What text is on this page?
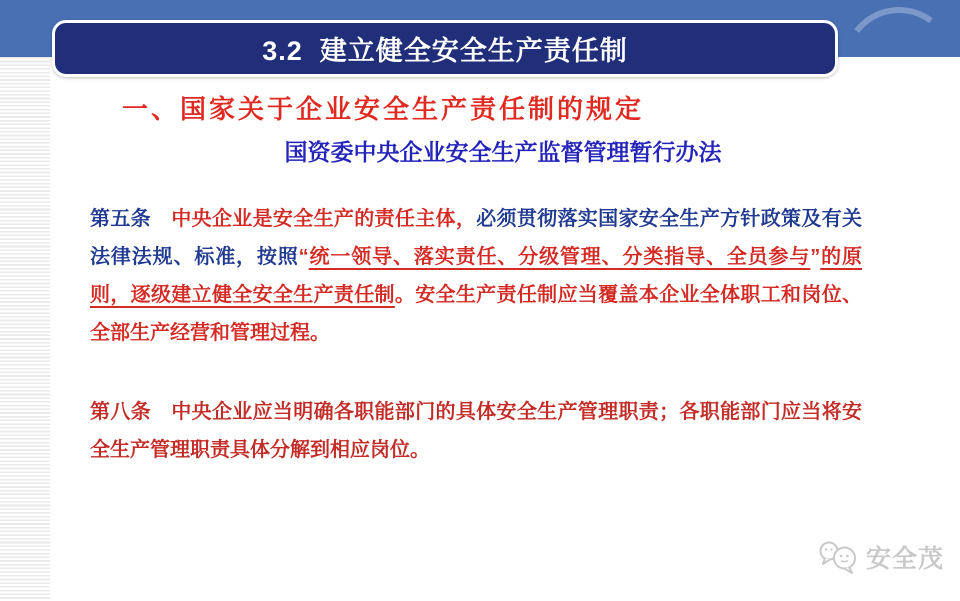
3.2  建立健全安全生产责任制
一、国家关于企业安全生产责任制的规定
国资委中央企业安全生产监督管理暂行办法
第五条　中央企业是安全生产的责任主体，必须贯彻落实国家安全生产方针政策及有关
法律法规、标准，按照“统一领导、落实责任、分级管理、分类指导、全员参与”的原
则，逐级建立健全安全生产责任制。安全生产责任制应当覆盖本企业全体职工和岗位、
全部生产经营和管理过程。
第八条　中央企业应当明确各职能部门的具体安全生产管理职责；各职能部门应当将安
全生产管理职责具体分解到相应岗位。
安全茂
